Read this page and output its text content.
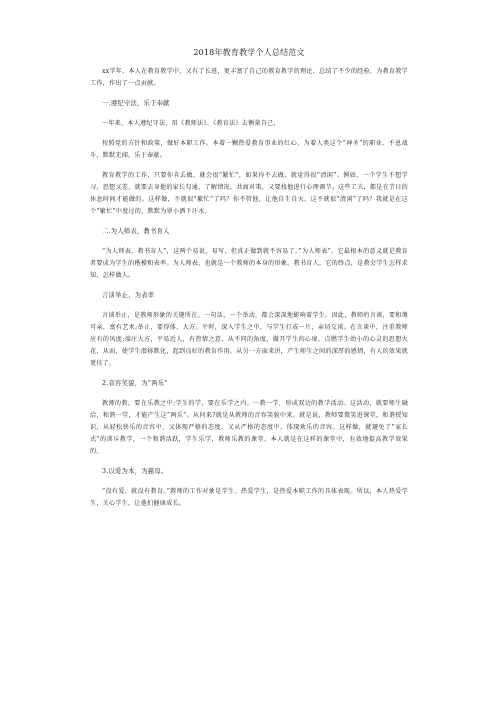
2018年教育教学个人总结范文

xx学年，本人在教育教学中，又有了长进，更丰富了自己的教育教学的理论，总结了不少的经验，为教育教学工作，作出了一点贡献。

一.遵纪守法，乐于奉献

一年来，本人遵纪守法，用《教师法》、《教育法》去衡量自己，

按照党的方针和政策，做好本职工作。本着一颗热爱教育事业的红心，为着人类这个”神圣”的职业，不息战斗，默默无闻，乐于奉献。

教育教学的工作，只要你肯去做，就会很”繁忙”，如果你不去做，就觉得很”清闲”。例如，一个学生不想学习，思想又差，就要去身他的家长勾通，了解情况，共商对策，又要找他进行心理调节。这些工夫，都是在节日的休息时间才能做的。这样做，不就很”繁忙”了吗？你不管他，让他自生自灭，这不就很”清闲”了吗？我就是在这个”繁忙”中度过的，默默为翠小洒下汗水。

二.为人师表，教书育人

”为人师表，教书育人”，这两个易说，易写，但真正做到就不容易了。”为人师表”，它最根本的意义就是教育者要成为学生的楷模和表率。为人师表，也就是一个教师的本身的形象。教书育人，它的终点，是教会学生怎样求知，怎样做人。

言谈举止，为表率

言谈举止，是教师形象的关键所在。一句话，一个举动，都会深深地影响着学生。因此，教师的言谈，要和蔼可亲，富有艺术;举止，要得体、大方。平时，深入学生之中，与学生打成一片，亲切交谈。在言谈中，注重教师应有的风度;端庄大方，平易近人，有热情之意，从不同的角度，撤开学生的心扉，点燃学生幼小的心灵的思想火花，从而，使学生潜移默化，起到良好的教育作用。从另一方面来讲，产生师生之间的深厚的感情，有人的效果就更佳了。

2.音容笑貌，为”两乐”

教师的教，要在乐教之中;学生的学，要在乐学之内。一教一学，形成双边的教学活动。这活动，就要师生融洽，和谐一堂，才能产生这”两乐”。从何来?就是从教师的音容笑貌中来。就是说，教师要微笑进课堂，和谐授知识，从轻松快乐的音容中，又体现严格的态度，又从严格的态度中，体现欢乐的音容。这样做，就避免了”家长式”的训斥教学，一个和谐活跃，学生乐学，教师乐教的课堂。本人就是在这样的课堂中，有效地提高教学效果的。

3.以爱为本，为慈母。

”没有爱，就没有教育。”教师的工作对象是学生。热爱学生，是热爱本职工作的具体表现。所以，本人热爱学生，关心学生，让他们健康成长。
